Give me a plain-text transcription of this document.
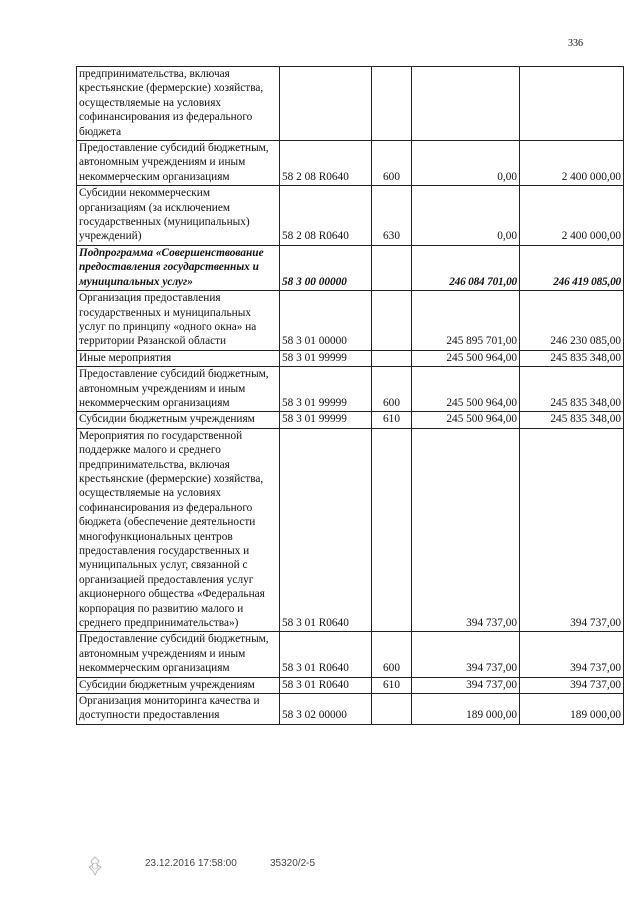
336
предпринимательства, включая крестьянские (фермерские) хозяйства, осуществляемые на условиях софинансирования из федерального бюджета				
Предоставление субсидий бюджетным, автономным учреждениям и иным некоммерческим организациям	58 2 08 R0640	600	0,00	2 400 000,00
Субсидии некоммерческим организациям (за исключением государственных (муниципальных) учреждений)	58 2 08 R0640	630	0,00	2 400 000,00
Подпрограмма «Совершенствование предоставления государственных и муниципальных услуг»	58 3 00 00000		246 084 701,00	246 419 085,00
Организация предоставления государственных и муниципальных услуг по принципу «одного окна» на территории Рязанской области	58 3 01 00000		245 895 701,00	246 230 085,00
Иные мероприятия	58 3 01 99999		245 500 964,00	245 835 348,00
Предоставление субсидий бюджетным, автономным учреждениям и иным некоммерческим организациям	58 3 01 99999	600	245 500 964,00	245 835 348,00
Субсидии бюджетным учреждениям	58 3 01 99999	610	245 500 964,00	245 835 348,00
Мероприятия по государственной поддержке малого и среднего предпринимательства, включая крестьянские (фермерские) хозяйства, осуществляемые на условиях софинансирования из федерального бюджета (обеспечение деятельности многофункциональных центров предоставления государственных и муниципальных услуг, связанной с организацией предоставления услуг акционерного общества «Федеральная корпорация по развитию малого и среднего предпринимательства»)	58 3 01 R0640		394 737,00	394 737,00
Предоставление субсидий бюджетным, автономным учреждениям и иным некоммерческим организациям	58 3 01 R0640	600	394 737,00	394 737,00
Субсидии бюджетным учреждениям	58 3 01 R0640	610	394 737,00	394 737,00
Организация мониторинга качества и доступности предоставления	58 3 02 00000		189 000,00	189 000,00
23.12.2016 17:58:00	35320/2-5
